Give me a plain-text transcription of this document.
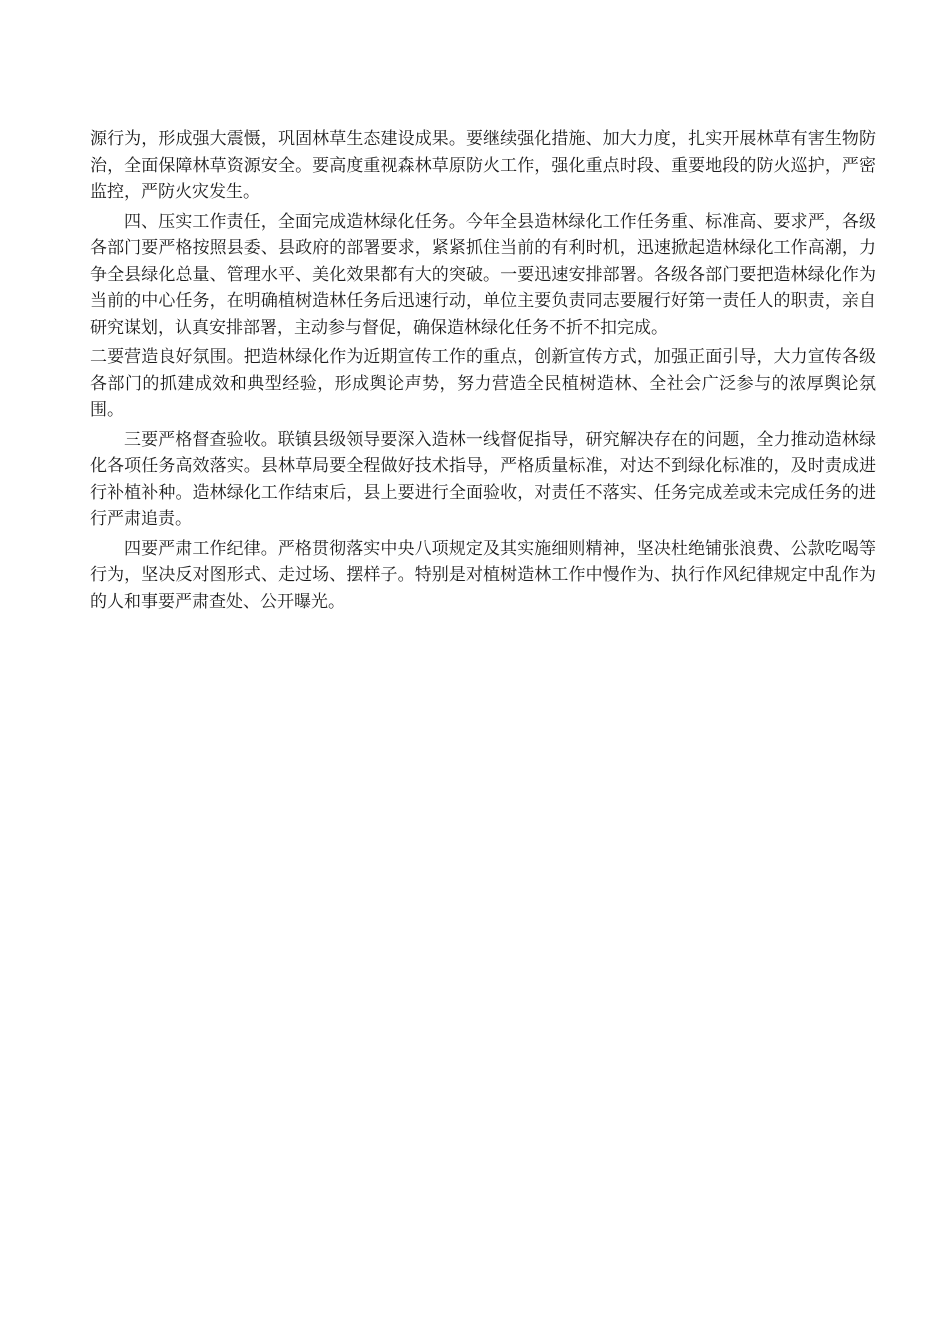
源行为，形成强大震慑，巩固林草生态建设成果。要继续强化措施、加大力度，扎实开展林草有害生物防治，全面保障林草资源安全。要高度重视森林草原防火工作，强化重点时段、重要地段的防火巡护，严密监控，严防火灾发生。

四、压实工作责任，全面完成造林绿化任务。今年全县造林绿化工作任务重、标准高、要求严，各级各部门要严格按照县委、县政府的部署要求，紧紧抓住当前的有利时机，迅速掀起造林绿化工作高潮，力争全县绿化总量、管理水平、美化效果都有大的突破。一要迅速安排部署。各级各部门要把造林绿化作为当前的中心任务，在明确植树造林任务后迅速行动，单位主要负责同志要履行好第一责任人的职责，亲自研究谋划，认真安排部署，主动参与督促，确保造林绿化任务不折不扣完成。

二要营造良好氛围。把造林绿化作为近期宣传工作的重点，创新宣传方式，加强正面引导，大力宣传各级各部门的抓建成效和典型经验，形成舆论声势，努力营造全民植树造林、全社会广泛参与的浓厚舆论氛围。

三要严格督查验收。联镇县级领导要深入造林一线督促指导，研究解决存在的问题，全力推动造林绿化各项任务高效落实。县林草局要全程做好技术指导，严格质量标准，对达不到绿化标准的，及时责成进行补植补种。造林绿化工作结束后，县上要进行全面验收，对责任不落实、任务完成差或未完成任务的进行严肃追责。

四要严肃工作纪律。严格贯彻落实中央八项规定及其实施细则精神，坚决杜绝铺张浪费、公款吃喝等行为，坚决反对图形式、走过场、摆样子。特别是对植树造林工作中慢作为、执行作风纪律规定中乱作为的人和事要严肃查处、公开曝光。
